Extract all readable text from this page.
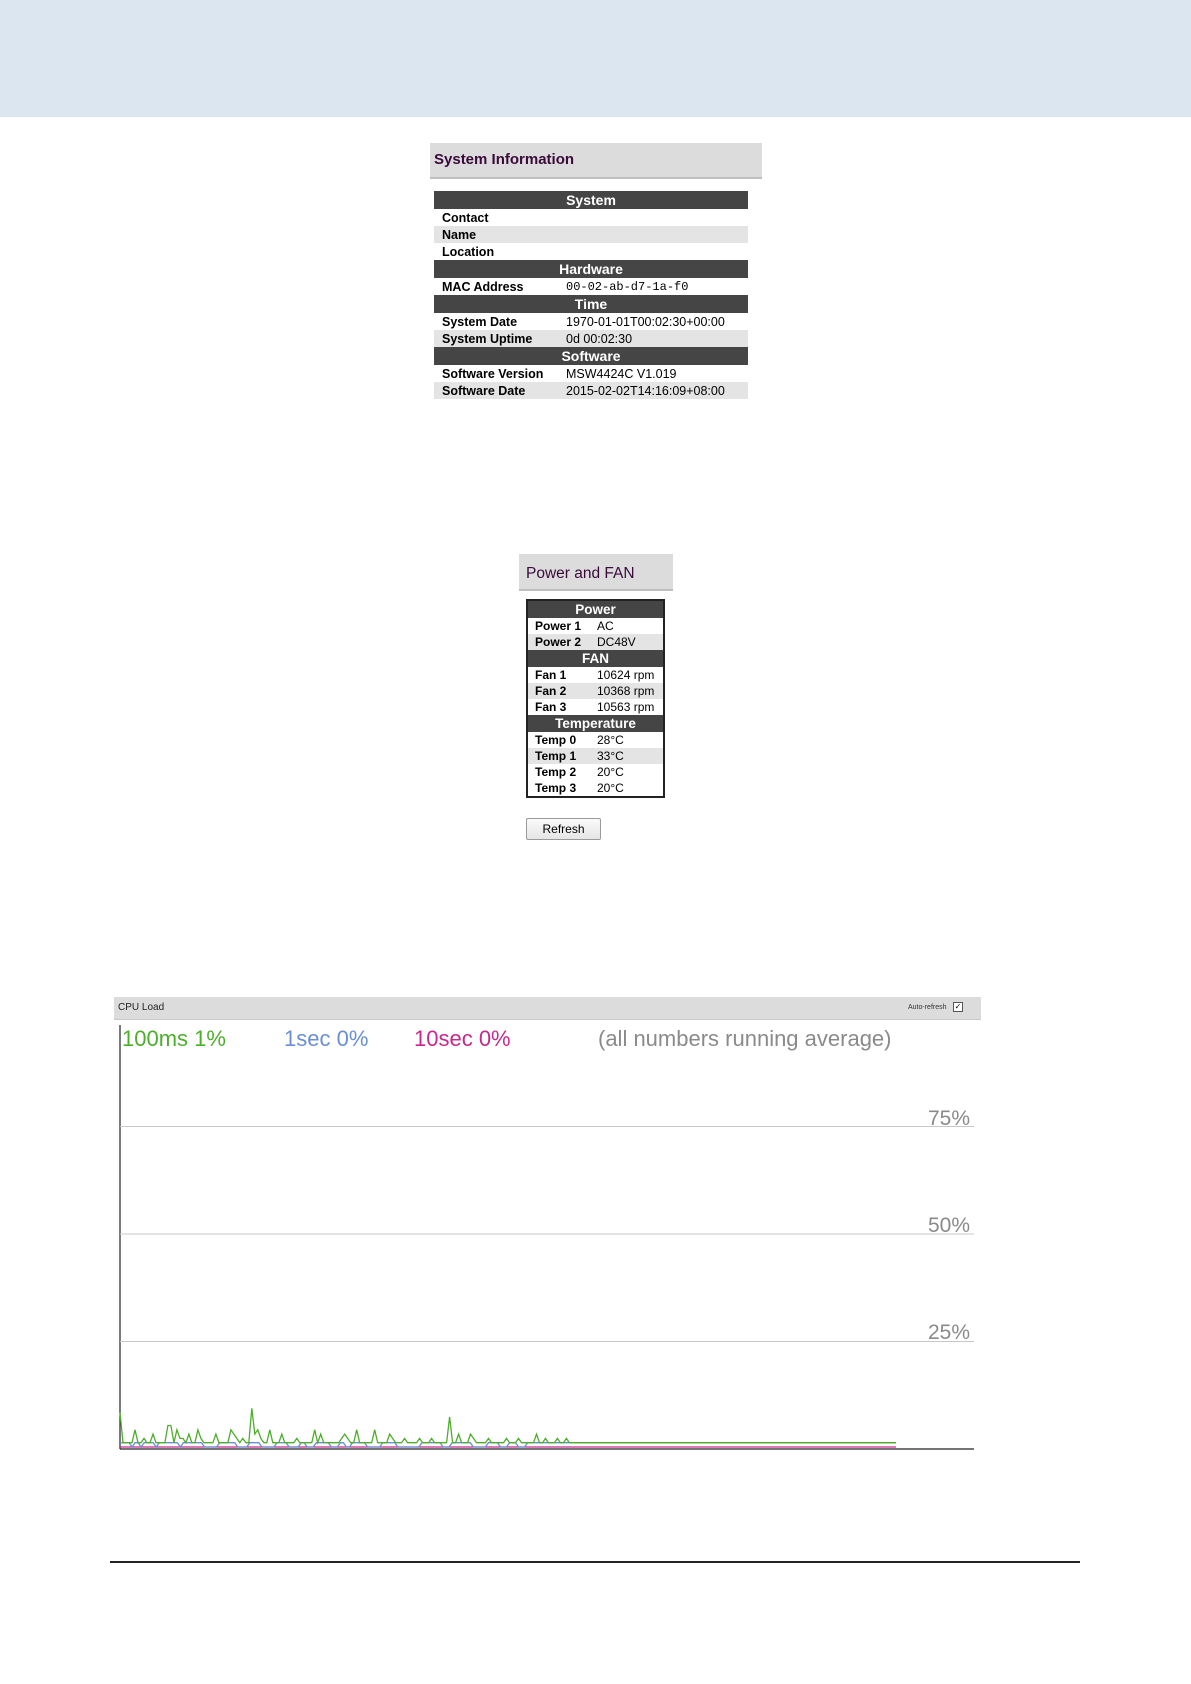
System Information
System	
Contact	
Name	
Location	
Hardware	
MAC Address	00-02-ab-d7-1a-f0
Time	
System Date	1970-01-01T00:02:30+00:00
System Uptime	0d 00:02:30
Software	
Software Version	MSW4424C V1.019
Software Date	2015-02-02T14:16:09+08:00
Power and FAN
Power	
Power 1	AC
Power 2	DC48V
FAN	
Fan 1	10624 rpm
Fan 2	10368 rpm
Fan 3	10563 rpm
Temperature	
Temp 0	28°C
Temp 1	33°C
Temp 2	20°C
Temp 3	20°C
Refresh
CPU Load	Auto-refresh ✓
100ms 1%	1sec 0% 10sec 0%	(all numbers running average)
75%
50%
25%
